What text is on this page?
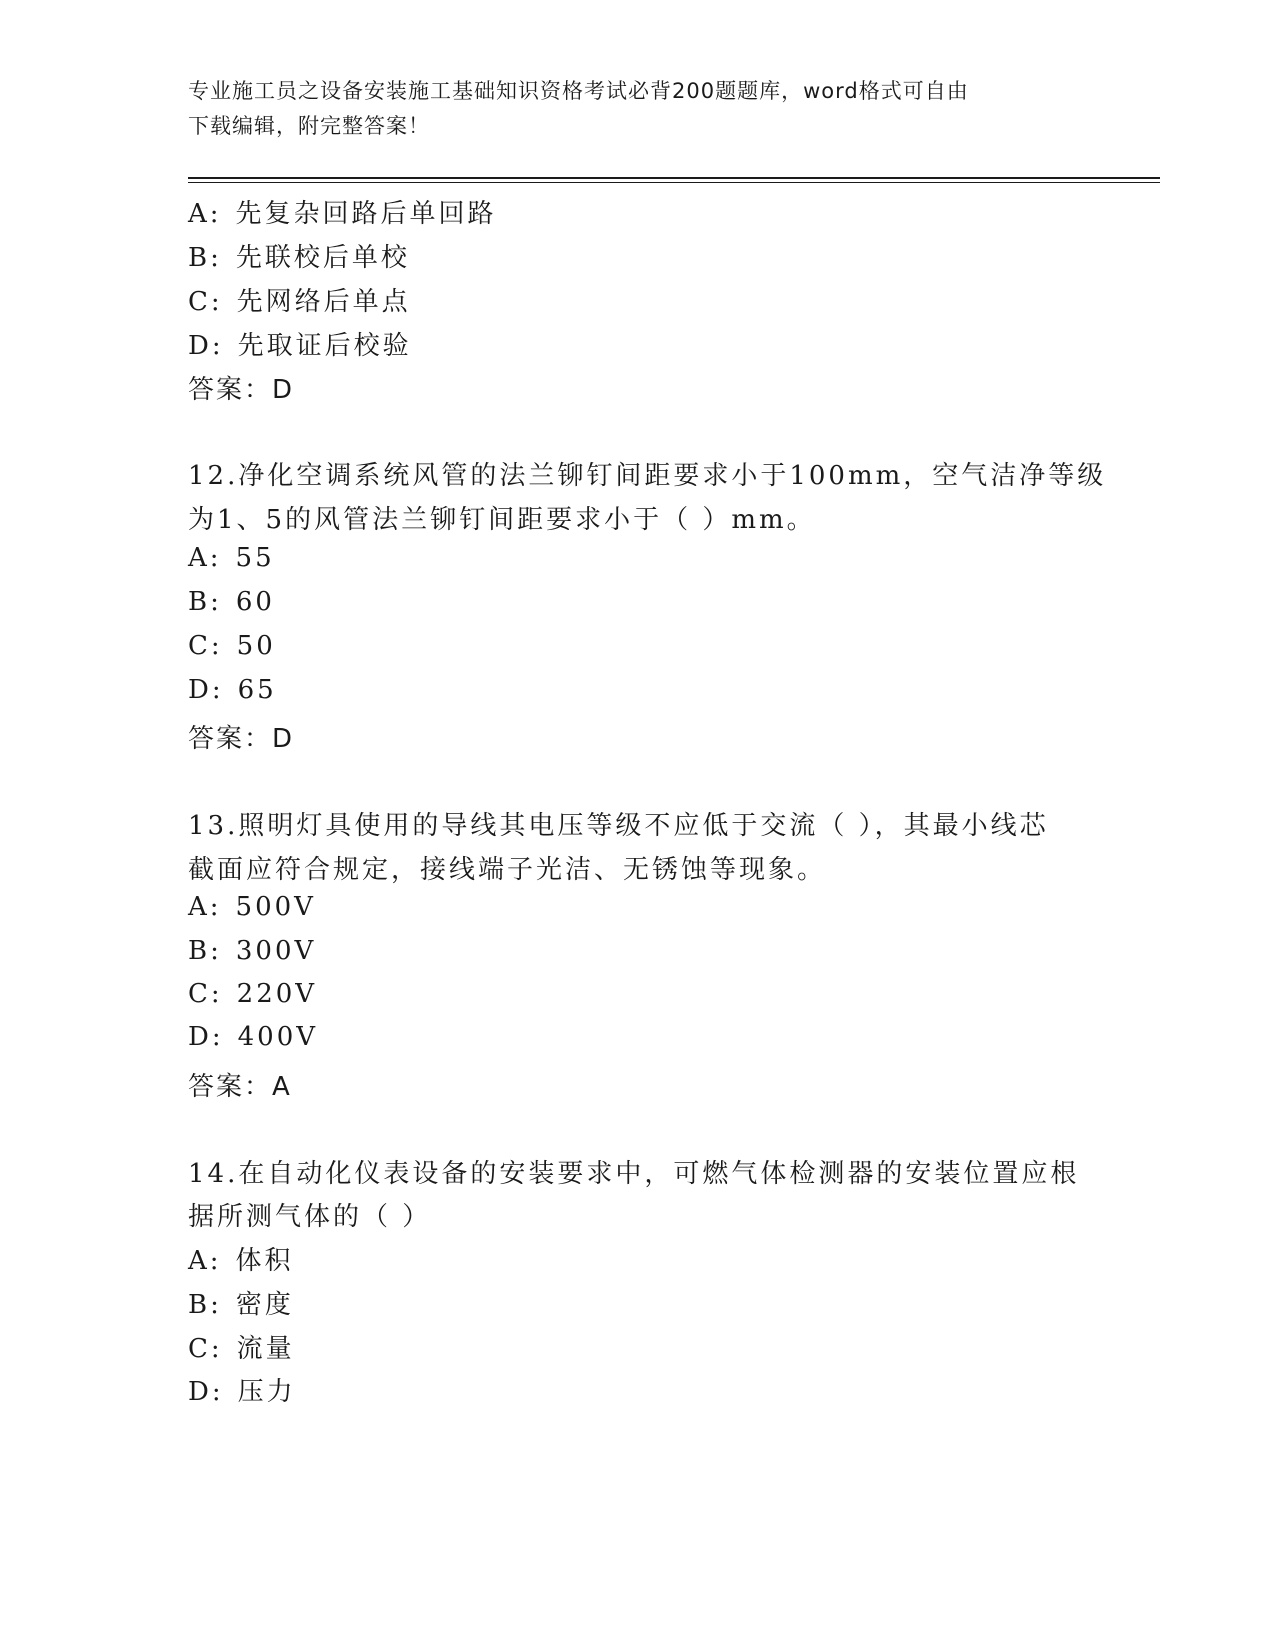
专业施工员之设备安装施工基础知识资格考试必背200题题库，word格式可自由
下载编辑，附完整答案！
A: 先复杂回路后单回路
B: 先联校后单校
C: 先网络后单点
D: 先取证后校验
答案：D
12.净化空调系统风管的法兰铆钉间距要求小于100mm，空气洁净等级
为1、5的风管法兰铆钉间距要求小于（ ）mm。
A: 55
B: 60
C: 50
D: 65
答案：D
13.照明灯具使用的导线其电压等级不应低于交流（ ），其最小线芯
截面应符合规定，接线端子光洁、无锈蚀等现象。
A: 500V
B: 300V
C: 220V
D: 400V
答案：A
14.在自动化仪表设备的安装要求中，可燃气体检测器的安装位置应根
据所测气体的（ ）
A: 体积
B: 密度
C: 流量
D: 压力
